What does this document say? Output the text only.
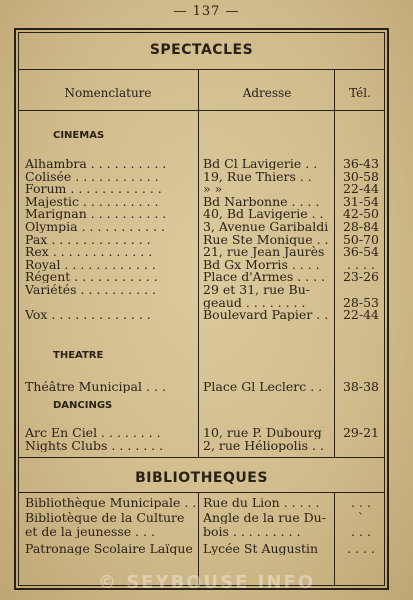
— 137 —
SPECTACLES
Nomenclature	Adresse	Tél.
BIBLIOTHEQUES
CINEMAS
Alhambra . . . . . . . . . .	Bd Cl Lavigerie . .	36-43
Colisée . . . . . . . . . . .	19, Rue Thiers . .	30-58
Forum . . . . . . . . . . . .	» »	22-44
Majestic . . . . . . . . . .	Bd Narbonne . . . .	31-54
Marignan . . . . . . . . . .	40, Bd Lavigerie . .	42-50
Olympia . . . . . . . . . . .	3, Avenue Garibaldi	28-84
Pax . . . . . . . . . . . . .	Rue Ste Monique . .	50-70
Rex . . . . . . . . . . . . .	21, rue Jean Jaurès	36-54
Royal . . . . . . . . . . . .	Bd Gx Morris . . . .	. . . .
Régent . . . . . . . . . . .	Place d'Armes . . . .	23-26
Variétés . . . . . . . . . .	29 et 31, rue Bu-
geaud . . . . . . . .	28-53
Vox . . . . . . . . . . . . .	Boulevard Papier . .	22-44
THEATRE
Théâtre Municipal . . .	Place Gl Leclerc . .	38-38
DANCINGS
Arc En Ciel . . . . . . . .	10, rue P. Dubourg	29-21
Nights Clubs . . . . . . .	2, rue Héliopolis . .
Bibliothèque Municipale . . Rue du Lion . . . . .	. . .
Bibliotèque de la Culture	Angle de la rue Du-	`
et de la jeunesse . . .	bois . . . . . . . . .	. . .
Patronage Scolaire Laïque Lycée St Augustin	. . . .
© SEYBOUSE INFO
